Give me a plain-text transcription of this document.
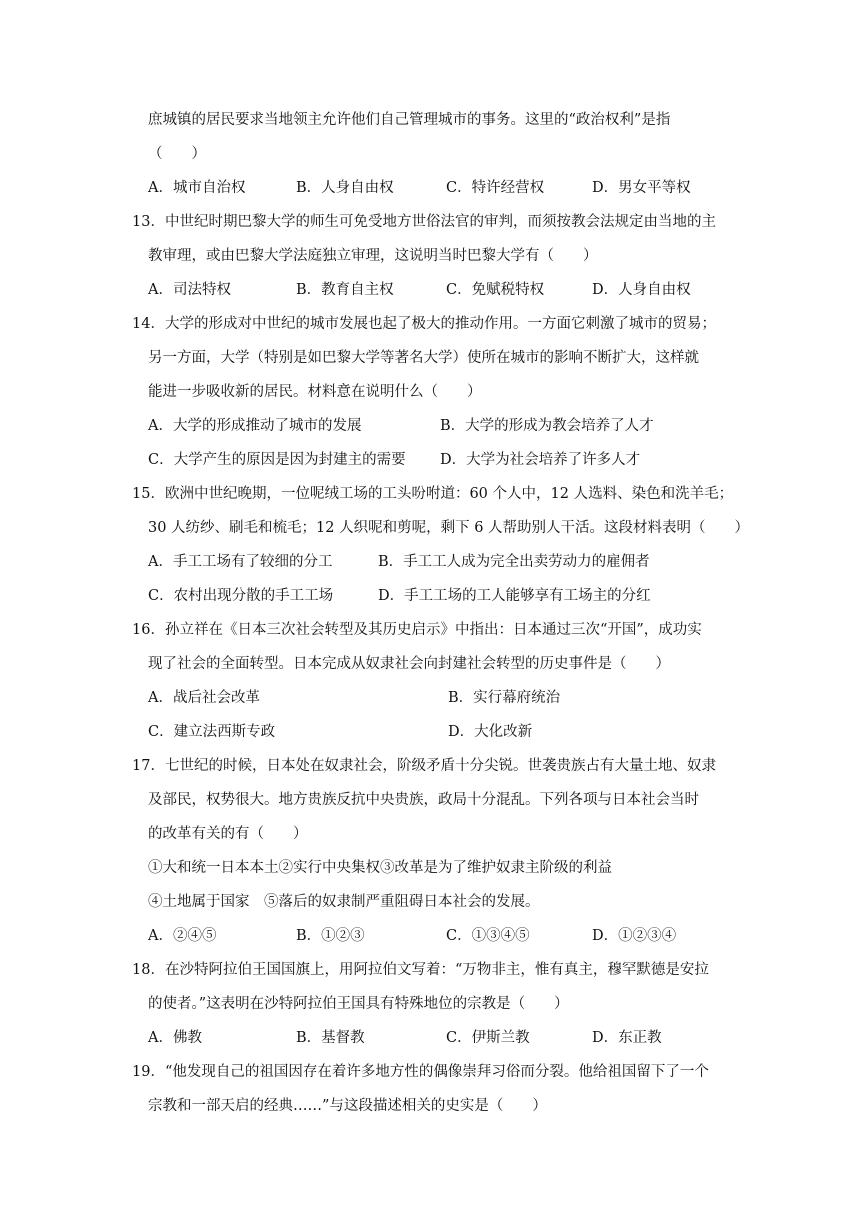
庶城镇的居民要求当地领主允许他们自己管理城市的事务。这里的“政治权利”是指
（　　）
A．城市自治权	B．人身自由权	C．特许经营权	D．男女平等权
13．中世纪时期巴黎大学的师生可免受地方世俗法官的审判，而须按教会法规定由当地的主
教审理，或由巴黎大学法庭独立审理，这说明当时巴黎大学有（　　）
A．司法特权	B．教育自主权	C．免赋税特权	D．人身自由权
14．大学的形成对中世纪的城市发展也起了极大的推动作用。一方面它刺激了城市的贸易；
另一方面，大学（特别是如巴黎大学等著名大学）使所在城市的影响不断扩大，这样就
能进一步吸收新的居民。材料意在说明什么（　　）
A．大学的形成推动了城市的发展	B．大学的形成为教会培养了人才
C．大学产生的原因是因为封建主的需要 D．大学为社会培养了许多人才
15．欧洲中世纪晚期，一位呢绒工场的工头吩咐道：60 个人中，12 人选料、染色和洗羊毛；
30 人纺纱、刷毛和梳毛；12 人织呢和剪呢，剩下 6 人帮助别人干活。这段材料表明（　　）
A．手工工场有了较细的分工	B．手工工人成为完全出卖劳动力的雇佣者
C．农村出现分散的手工工场	D．手工工场的工人能够享有工场主的分红
16．孙立祥在《日本三次社会转型及其历史启示》中指出：日本通过三次“开国”，成功实
现了社会的全面转型。日本完成从奴隶社会向封建社会转型的历史事件是（　　）
A．战后社会改革	B．实行幕府统治
C．建立法西斯专政	D．大化改新
17．七世纪的时候，日本处在奴隶社会，阶级矛盾十分尖锐。世袭贵族占有大量土地、奴隶
及部民，权势很大。地方贵族反抗中央贵族，政局十分混乱。下列各项与日本社会当时
的改革有关的有（　　）
①大和统一日本本土②实行中央集权③改革是为了维护奴隶主阶级的利益
④土地属于国家　⑤落后的奴隶制严重阻碍日本社会的发展。
A．②④⑤	B．①②③	C．①③④⑤	D．①②③④
18．在沙特阿拉伯王国国旗上，用阿拉伯文写着：“万物非主，惟有真主，穆罕默德是安拉
的使者。”这表明在沙特阿拉伯王国具有特殊地位的宗教是（　　）
A．佛教	B．基督教	C．伊斯兰教	D．东正教
19．“他发现自己的祖国因存在着许多地方性的偶像崇拜习俗而分裂。他给祖国留下了一个
宗教和一部天启的经典……”与这段描述相关的史实是（　　）
